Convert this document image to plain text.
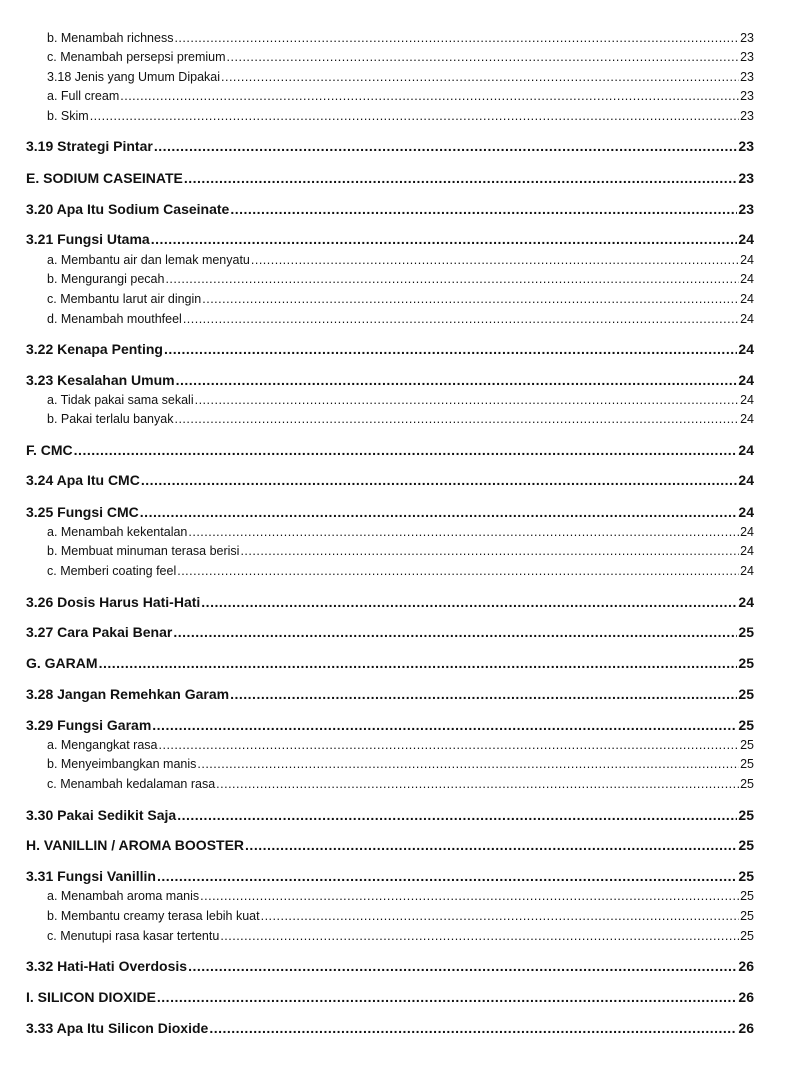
b. Menambah richness .....	23
c. Menambah persepsi premium .....	23
3.18 Jenis yang Umum Dipakai .....	23
a. Full cream .....	23
b. Skim .....	23
3.19 Strategi Pintar .....	23
E. SODIUM CASEINATE .....	23
3.20 Apa Itu Sodium Caseinate .....	23
3.21 Fungsi Utama .....	24
a. Membantu air dan lemak menyatu .....	24
b. Mengurangi pecah .....	24
c. Membantu larut air dingin .....	24
d. Menambah mouthfeel .....	24
3.22 Kenapa Penting .....	24
3.23 Kesalahan Umum .....	24
a. Tidak pakai sama sekali .....	24
b. Pakai terlalu banyak .....	24
F. CMC .....	24
3.24 Apa Itu CMC .....	24
3.25 Fungsi CMC .....	24
a. Menambah kekentalan .....	24
b. Membuat minuman terasa berisi .....	24
c. Memberi coating feel .....	24
3.26 Dosis Harus Hati-Hati .....	24
3.27 Cara Pakai Benar .....	25
G. GARAM .....	25
3.28 Jangan Remehkan Garam .....	25
3.29 Fungsi Garam .....	25
a. Mengangkat rasa .....	25
b. Menyeimbangkan manis .....	25
c. Menambah kedalaman rasa .....	25
3.30 Pakai Sedikit Saja .....	25
H. VANILLIN / AROMA BOOSTER .....	25
3.31 Fungsi Vanillin .....	25
a. Menambah aroma manis .....	25
b. Membantu creamy terasa lebih kuat .....	25
c. Menutupi rasa kasar tertentu .....	25
3.32 Hati-Hati Overdosis .....	26
I. SILICON DIOXIDE .....	26
3.33 Apa Itu Silicon Dioxide .....	26
